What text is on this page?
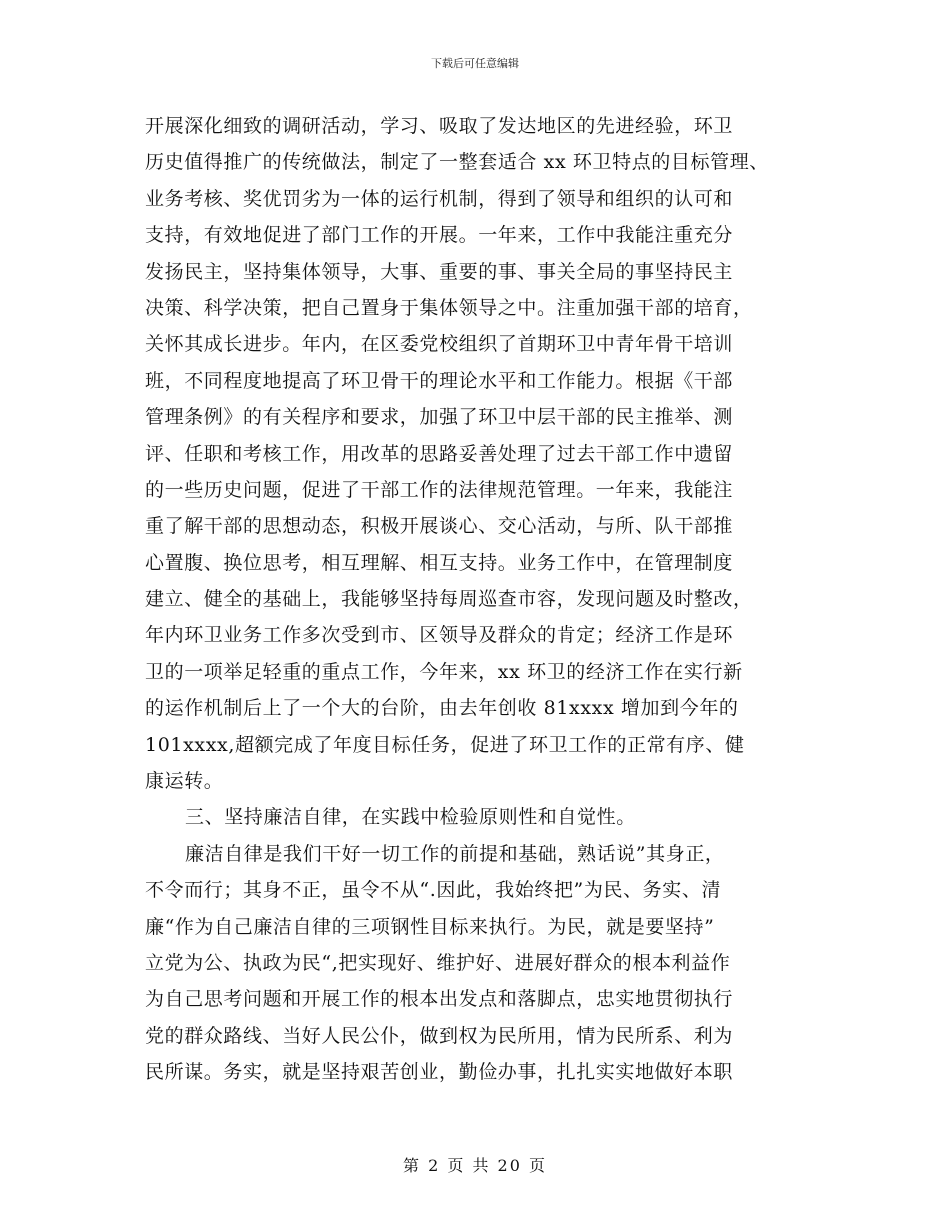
下载后可任意编辑
开展深化细致的调研活动，学习、吸取了发达地区的先进经验，环卫
历史值得推广的传统做法，制定了一整套适合 xx 环卫特点的目标管理、
业务考核、奖优罚劣为一体的运行机制，得到了领导和组织的认可和
支持，有效地促进了部门工作的开展。一年来，工作中我能注重充分
发扬民主，坚持集体领导，大事、重要的事、事关全局的事坚持民主
决策、科学决策，把自己置身于集体领导之中。注重加强干部的培育，
关怀其成长进步。年内，在区委党校组织了首期环卫中青年骨干培训
班，不同程度地提高了环卫骨干的理论水平和工作能力。根据《干部
管理条例》的有关程序和要求，加强了环卫中层干部的民主推举、测
评、任职和考核工作，用改革的思路妥善处理了过去干部工作中遗留
的一些历史问题，促进了干部工作的法律规范管理。一年来，我能注
重了解干部的思想动态，积极开展谈心、交心活动，与所、队干部推
心置腹、换位思考，相互理解、相互支持。业务工作中，在管理制度
建立、健全的基础上，我能够坚持每周巡查市容，发现问题及时整改，
年内环卫业务工作多次受到市、区领导及群众的肯定；经济工作是环
卫的一项举足轻重的重点工作，今年来，xx 环卫的经济工作在实行新
的运作机制后上了一个大的台阶，由去年创收 81xxxx 增加到今年的
101xxxx,超额完成了年度目标任务，促进了环卫工作的正常有序、健
康运转。
三、坚持廉洁自律，在实践中检验原则性和自觉性。
廉洁自律是我们干好一切工作的前提和基础，熟话说”其身正，
不令而行；其身不正，虽令不从“.因此，我始终把”为民、务实、清
廉“作为自己廉洁自律的三项钢性目标来执行。为民，就是要坚持”
立党为公、执政为民“,把实现好、维护好、进展好群众的根本利益作
为自己思考问题和开展工作的根本出发点和落脚点，忠实地贯彻执行
党的群众路线、当好人民公仆，做到权为民所用，情为民所系、利为
民所谋。务实，就是坚持艰苦创业，勤俭办事，扎扎实实地做好本职
第 2 页 共 20 页
